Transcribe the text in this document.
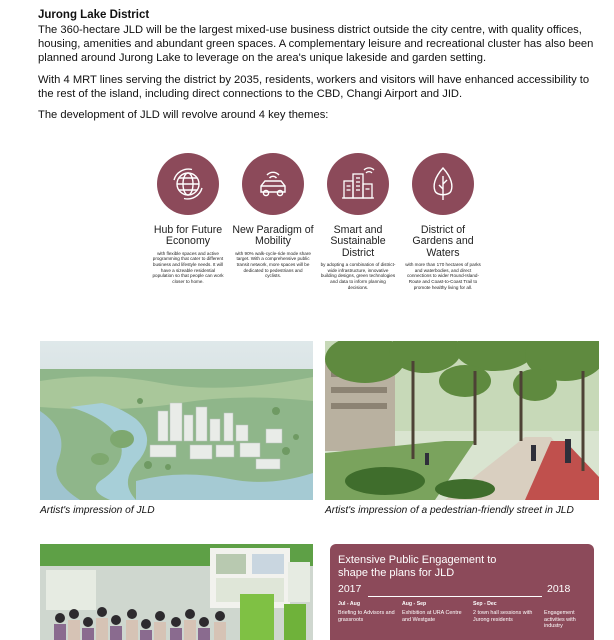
Jurong Lake District

The 360-hectare JLD will be the largest mixed-use business district outside the city centre, with quality offices, housing, amenities and abundant green spaces. A complementary leisure and recreational cluster has also been planned around Jurong Lake to leverage on the area's unique lakeside and garden setting.

With 4 MRT lines serving the district by 2035, residents, workers and visitors will have enhanced accessibility to the rest of the island, including direct connections to the CBD, Changi Airport and JID.

The development of JLD will revolve around 4 key themes:

Hub for Future Economy
with flexible spaces and active programming that cater to different business and lifestyle needs. It will have a sizeable residential population so that people can work closer to home.
New Paradigm of Mobility
with 90% walk-cycle-ride mode share target. With a comprehensive public transit network, more spaces will be dedicated to pedestrians and cyclists.
Smart and Sustainable District
by adopting a combination of district-wide infrastructure, innovative building designs, green technologies and data to inform planning decisions.
District of Gardens and Waters
with more than 170 hectares of parks and waterbodies, and direct connections to wider Round-Island-Route and Coast-to-Coast Trail to promote healthy living for all.
Artist's impression of JLD	Artist's impression of a pedestrian-friendly street in JLD
Extensive Public Engagement to shape the plans for JLD
2017	2018
Jul - Aug
Briefing to Advisors and grassroots
Aug - Sep
Exhibition at URA Centre and Westgate
Sep - Dec
2 town hall sessions with Jurong residents
Engagement activities with industry
